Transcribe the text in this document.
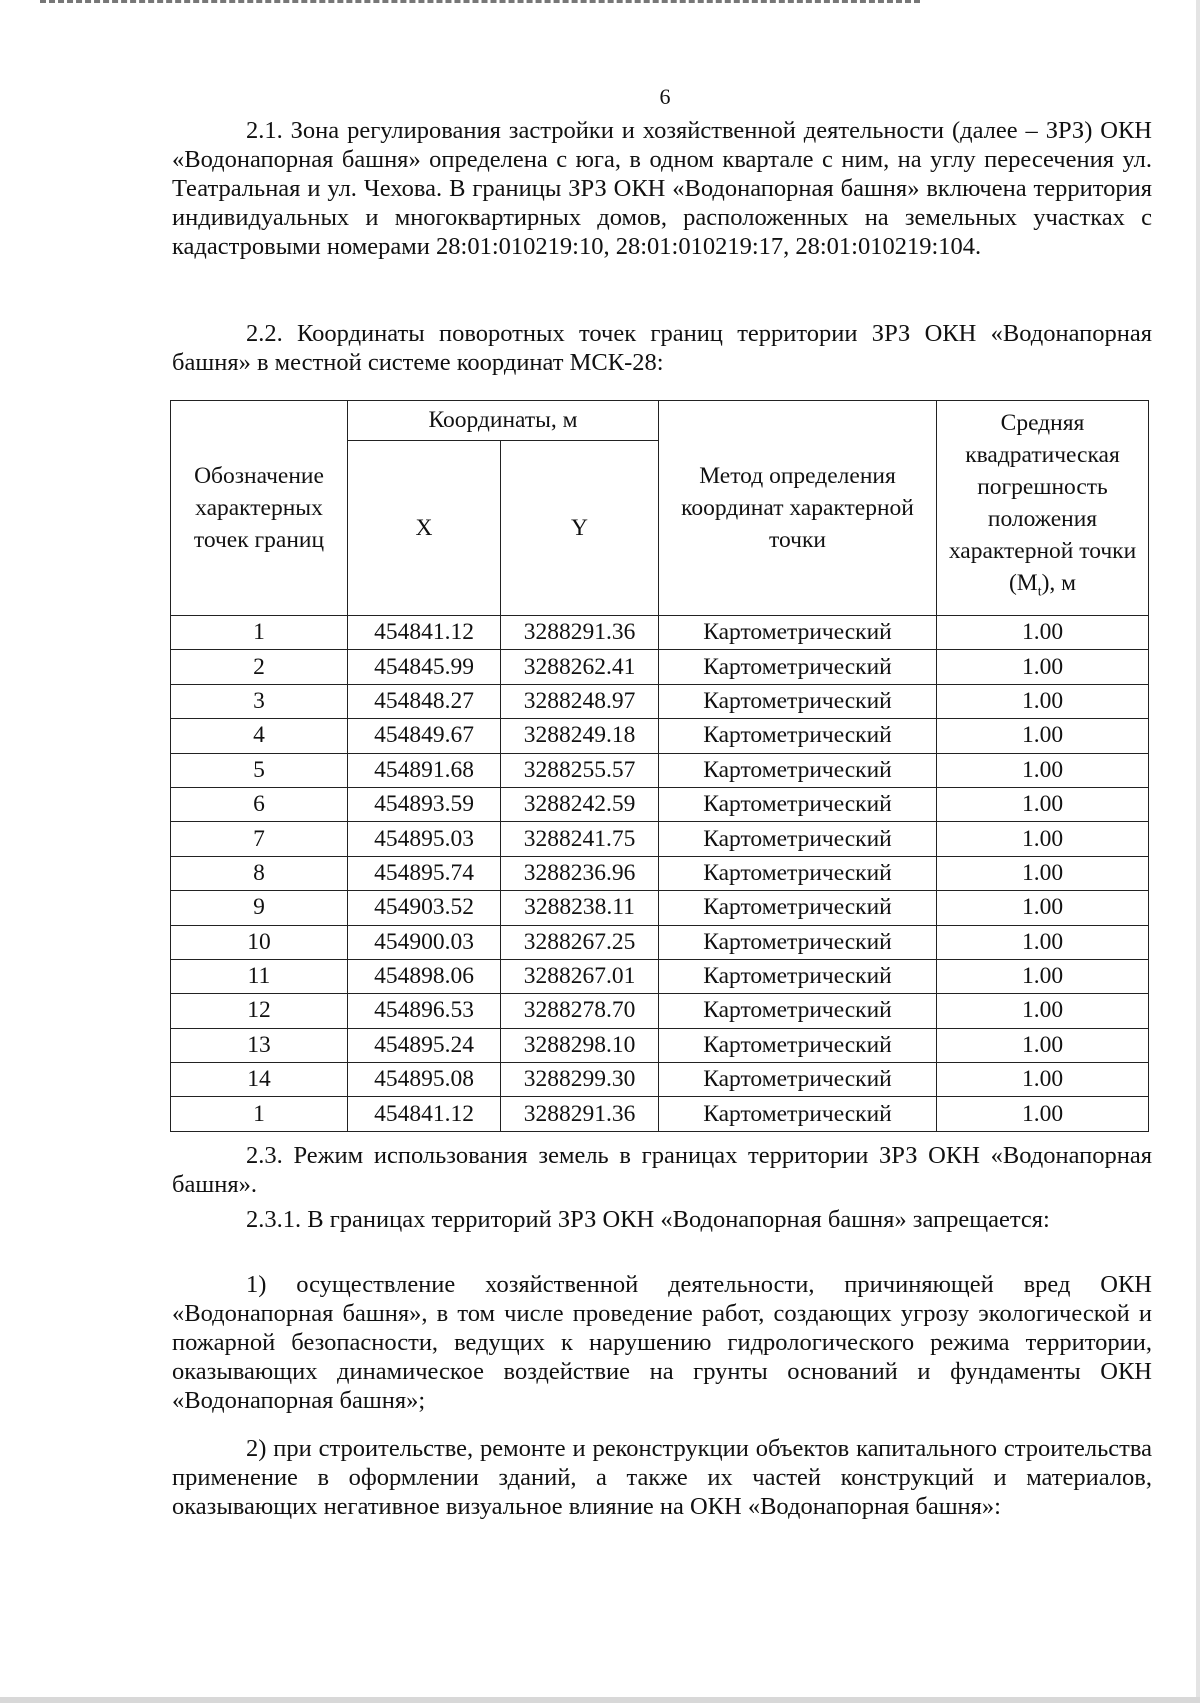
6

2.1. Зона регулирования застройки и хозяйственной деятельности (далее – ЗРЗ) ОКН «Водонапорная башня» определена с юга, в одном квартале с ним, на углу пересечения ул. Театральная и ул. Чехова. В границы ЗРЗ ОКН «Водонапорная башня» включена территория индивидуальных и многоквартирных домов, расположенных на земельных участках с кадастровыми номерами 28:01:010219:10, 28:01:010219:17, 28:01:010219:104.

2.2. Координаты поворотных точек границ территории ЗРЗ ОКН «Водонапорная башня» в местной системе координат МСК-28:

Обозначение характерных точек границ	Координаты, м		Метод определения координат характерной точки	Средняя квадратическая погрешность положения характерной точки $(M_t)$, м
	X	Y		
1	454841.12	3288291.36	Картометрический	1.00
2	454845.99	3288262.41	Картометрический	1.00
3	454848.27	3288248.97	Картометрический	1.00
4	454849.67	3288249.18	Картометрический	1.00
5	454891.68	3288255.57	Картометрический	1.00
6	454893.59	3288242.59	Картометрический	1.00
7	454895.03	3288241.75	Картометрический	1.00
8	454895.74	3288236.96	Картометрический	1.00
9	454903.52	3288238.11	Картометрический	1.00
10	454900.03	3288267.25	Картометрический	1.00
11	454898.06	3288267.01	Картометрический	1.00
12	454896.53	3288278.70	Картометрический	1.00
13	454895.24	3288298.10	Картометрический	1.00
14	454895.08	3288299.30	Картометрический	1.00
1	454841.12	3288291.36	Картометрический	1.00

2.3. Режим использования земель в границах территории ЗРЗ ОКН «Водонапорная башня».

2.3.1. В границах территорий ЗРЗ ОКН «Водонапорная башня» запрещается:

1) осуществление хозяйственной деятельности, причиняющей вред ОКН «Водонапорная башня», в том числе проведение работ, создающих угрозу экологической и пожарной безопасности, ведущих к нарушению гидрологического режима территории, оказывающих динамическое воздействие на грунты оснований и фундаменты ОКН «Водонапорная башня»;

2) при строительстве, ремонте и реконструкции объектов капитального строительства применение в оформлении зданий, а также их частей конструкций и материалов, оказывающих негативное визуальное влияние на ОКН «Водонапорная башня»:
